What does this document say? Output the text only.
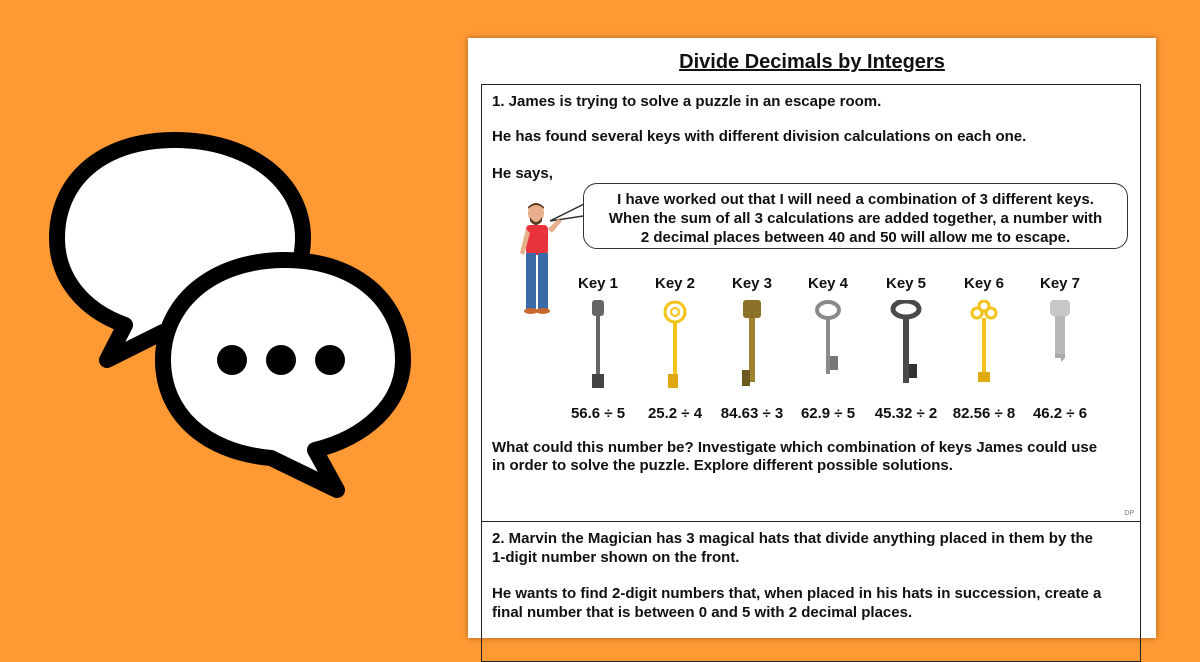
Divide Decimals by Integers

1. James is trying to solve a puzzle in an escape room.

He has found several keys with different division calculations on each one.

He says,

I have worked out that I will need a combination of 3 different keys.
When the sum of all 3 calculations are added together, a number with
2 decimal places between 40 and 50 will allow me to escape.
Key 1	Key 2	Key 3	Key 4	Key 5	Key 6	Key 7
56.6 ÷ 5	25.2 ÷ 4	84.63 ÷ 3	62.9 ÷ 5	45.32 ÷ 2	82.56 ÷ 8	46.2 ÷ 6

What could this number be? Investigate which combination of keys James could use

in order to solve the puzzle. Explore different possible solutions.

DP

2. Marvin the Magician has 3 magical hats that divide anything placed in them by the

1-digit number shown on the front.

He wants to find 2-digit numbers that, when placed in his hats in succession, create a

final number that is between 0 and 5 with 2 decimal places.
